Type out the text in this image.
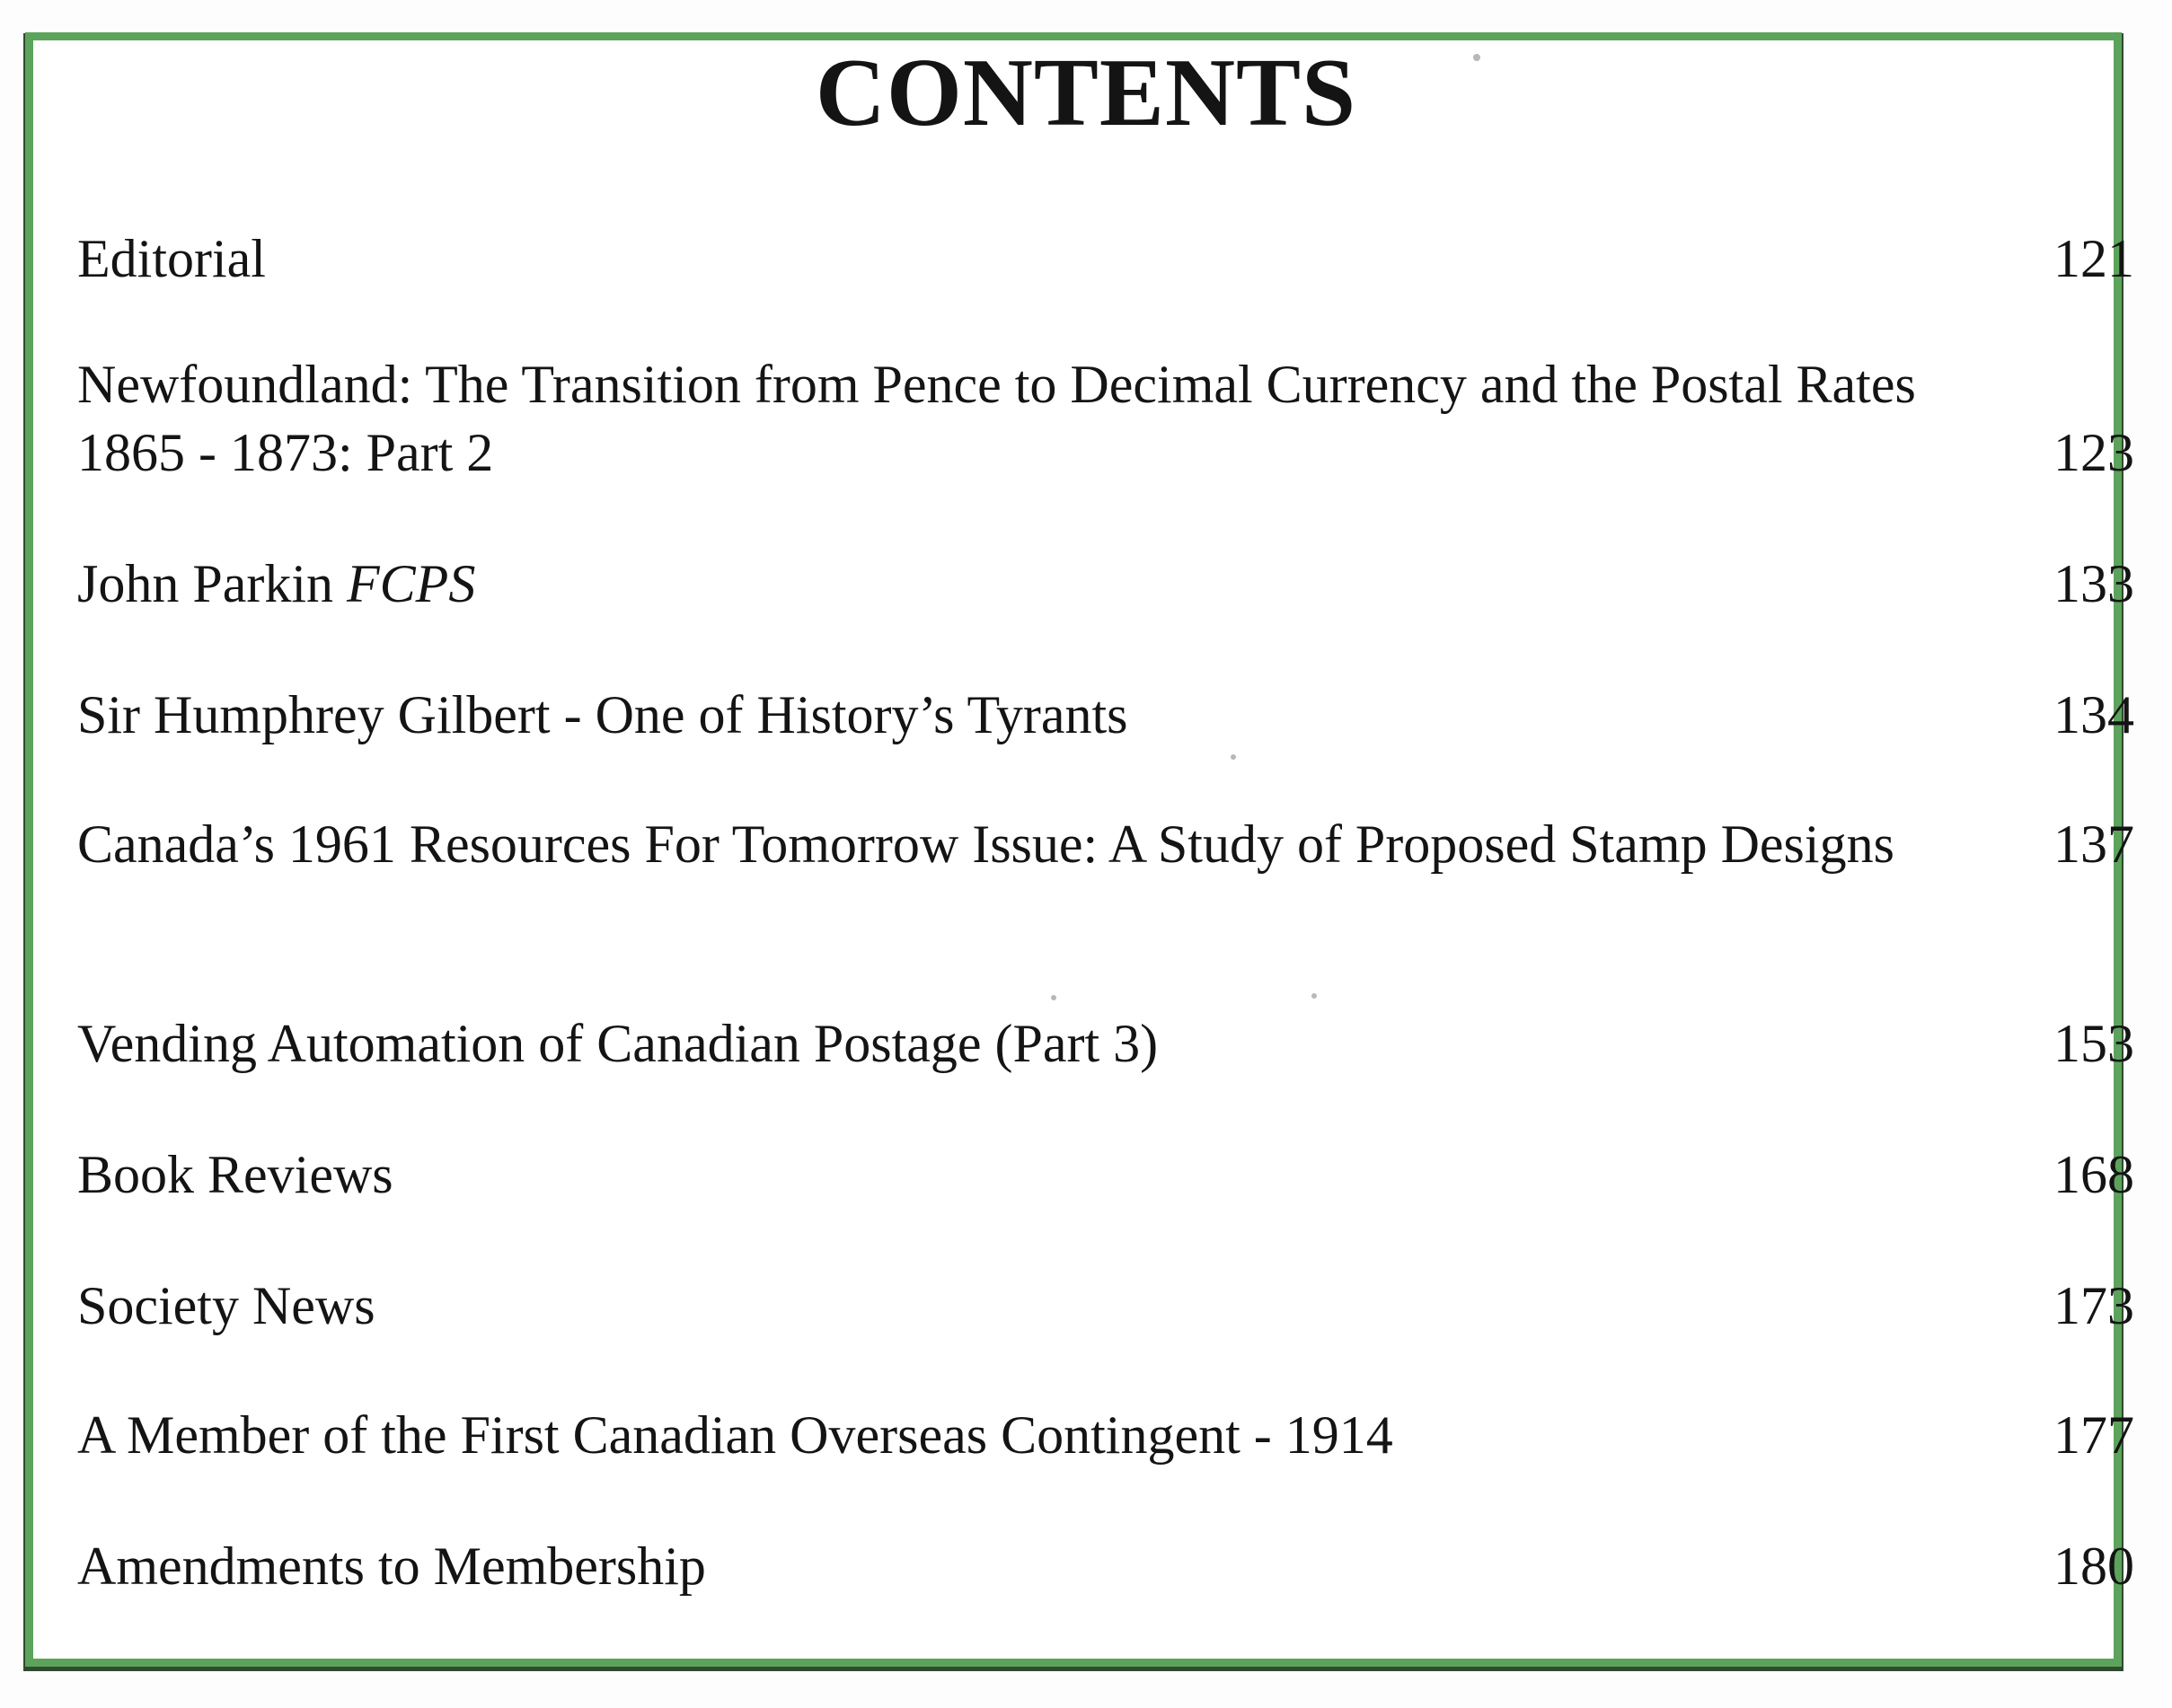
CONTENTS
Editorial	121
Newfoundland: The Transition from Pence to Decimal Currency and the Postal Rates 1865 - 1873: Part 2	123
John Parkin FCPS	133
Sir Humphrey Gilbert - One of History’s Tyrants	134
Canada’s 1961 Resources For Tomorrow Issue: A Study of Proposed Stamp Designs	137
Vending Automation of Canadian Postage (Part 3)	153
Book Reviews	168
Society News	173
A Member of the First Canadian Overseas Contingent - 1914	177
Amendments to Membership	180
